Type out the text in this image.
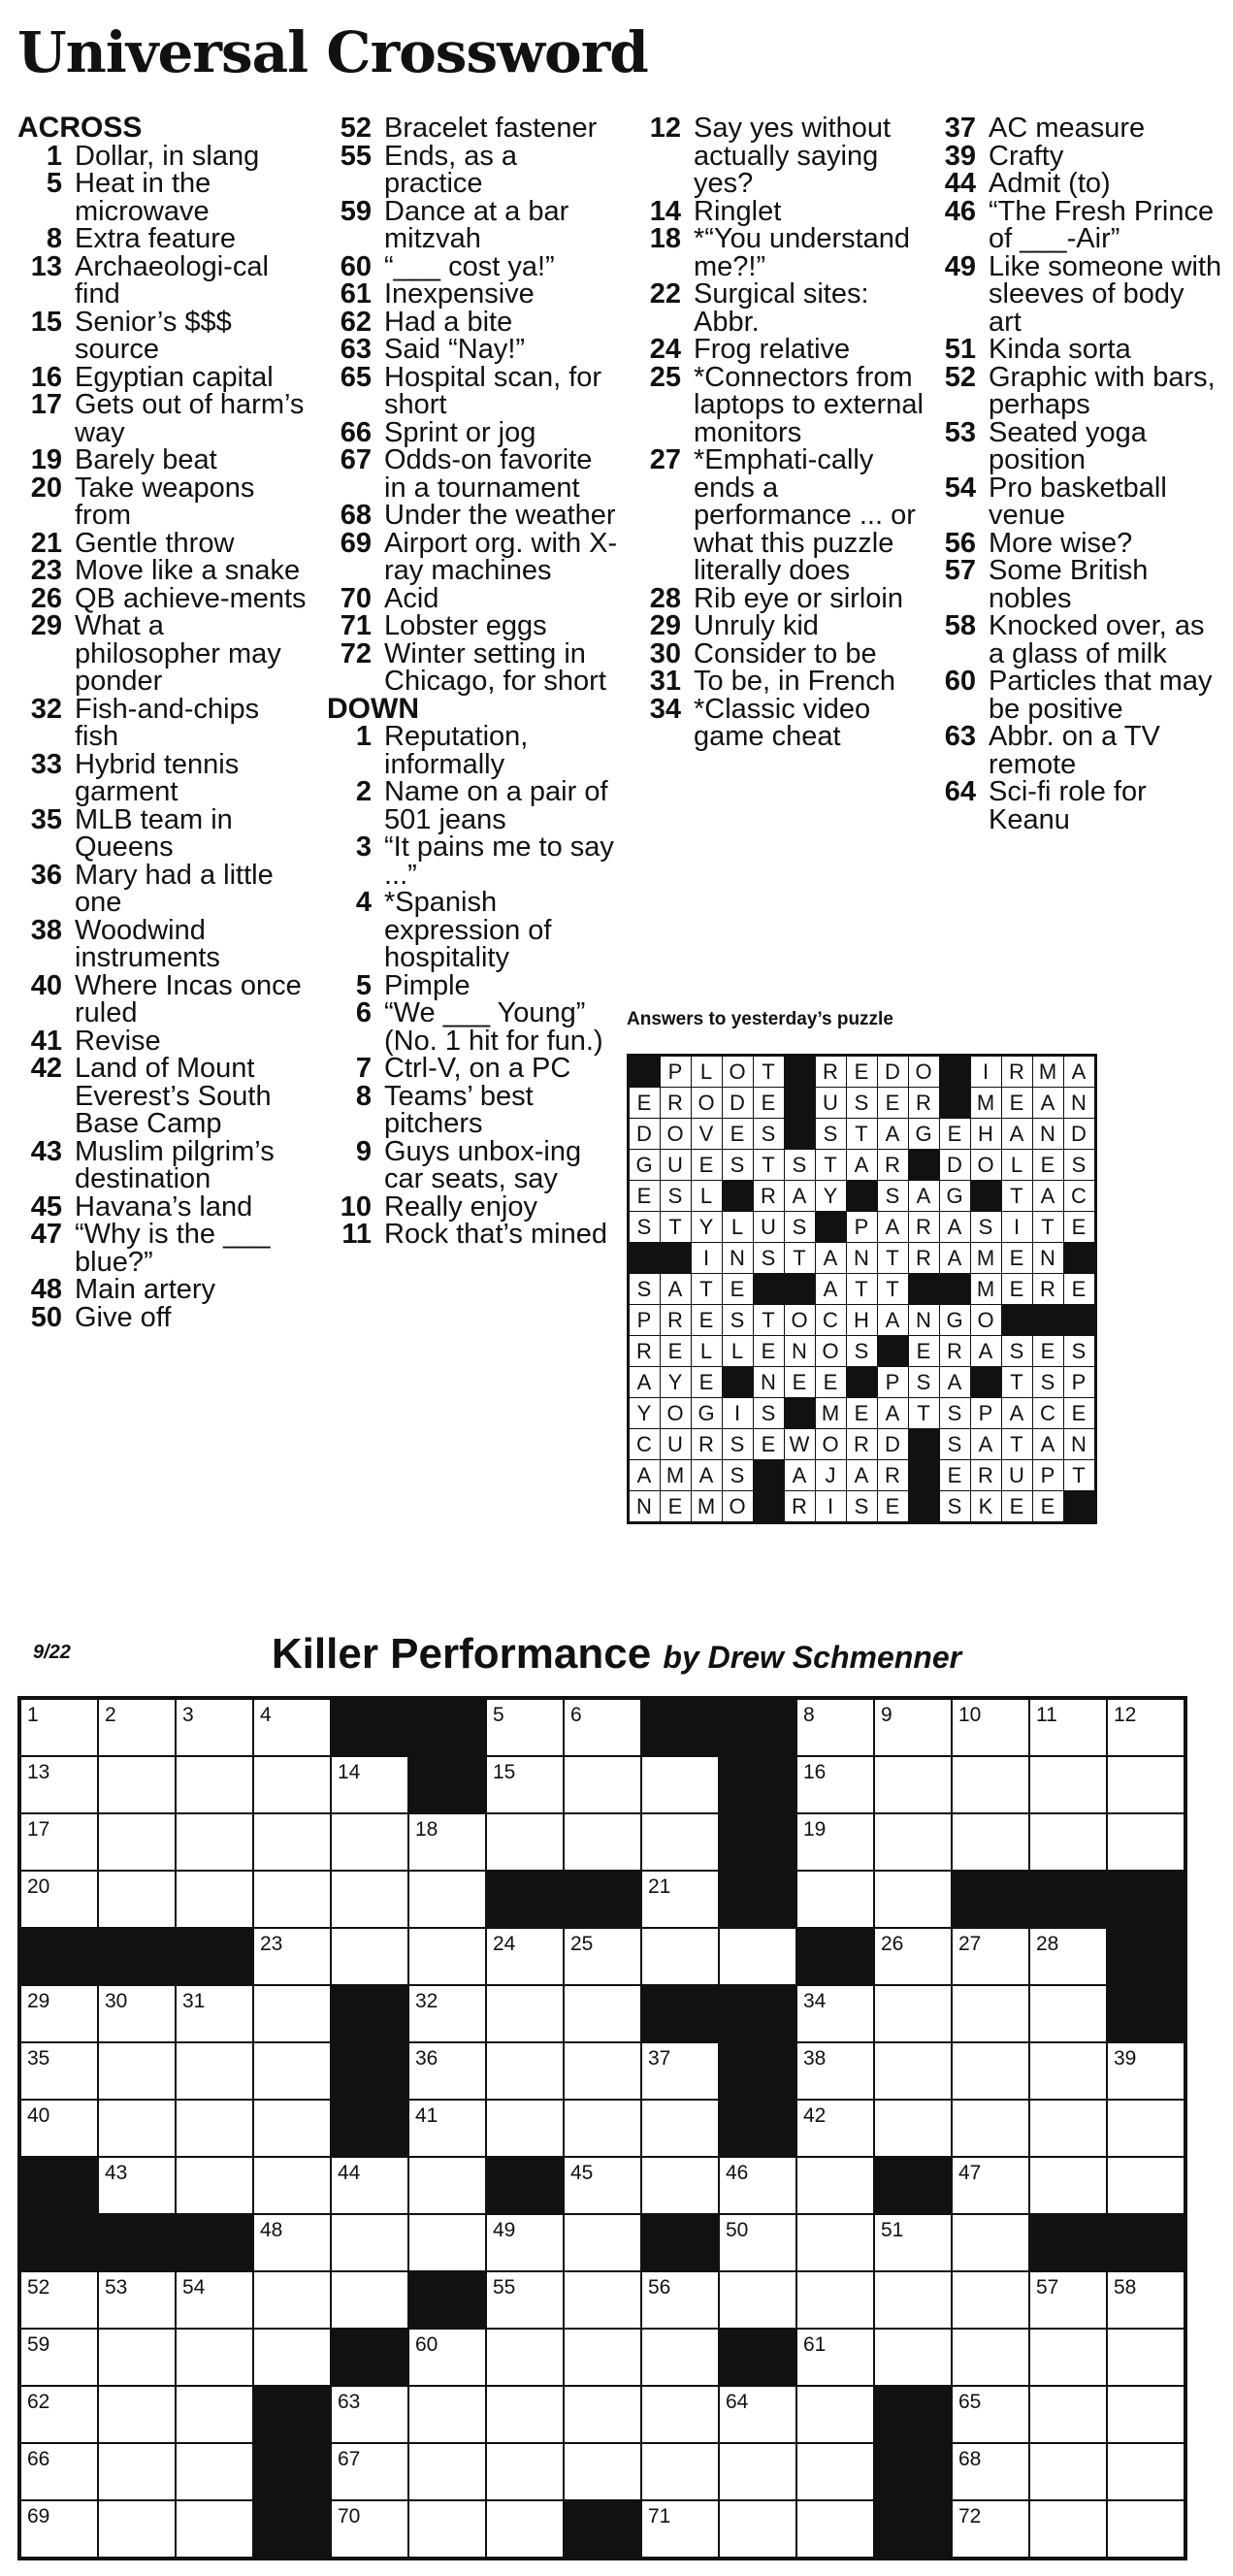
Universal Crossword
ACROSS
1 Dollar, in slang
5 Heat in the microwave
8 Extra feature
13 Archaeologi-cal find
15 Senior’s $$$ source
16 Egyptian capital
17 Gets out of harm’s way
19 Barely beat
20 Take weapons from
21 Gentle throw
23 Move like a snake
26 QB achieve-ments
29 What a philosopher may ponder
32 Fish-and-chips fish
33 Hybrid tennis garment
35 MLB team in Queens
36 Mary had a little one
38 Woodwind instruments
40 Where Incas once ruled
41 Revise
42 Land of Mount Everest’s South Base Camp
43 Muslim pilgrim’s destination
45 Havana’s land
47 “Why is the ___ blue?”
48 Main artery
50 Give off
52 Bracelet fastener
55 Ends, as a practice
59 Dance at a bar mitzvah
60 “___ cost ya!”
61 Inexpensive
62 Had a bite
63 Said “Nay!”
65 Hospital scan, for short
66 Sprint or jog
67 Odds-on favorite in a tournament
68 Under the weather
69 Airport org. with X-ray machines
70 Acid
71 Lobster eggs
72 Winter setting in Chicago, for short
DOWN
1 Reputation, informally
2 Name on a pair of 501 jeans
3 “It pains me to say ...”
4 *Spanish expression of hospitality
5 Pimple
6 “We ___ Young” (No. 1 hit for fun.)
7 Ctrl-V, on a PC
8 Teams’ best pitchers
9 Guys unbox-ing car seats, say
10 Really enjoy
11 Rock that’s mined
12 Say yes without actually saying yes?
14 Ringlet
18 *“You understand me?!”
22 Surgical sites: Abbr.
24 Frog relative
25 *Connectors from laptops to external monitors
27 *Emphati-cally ends a performance ... or what this puzzle literally does
28 Rib eye or sirloin
29 Unruly kid
30 Consider to be
31 To be, in French
34 *Classic video game cheat
37 AC measure
39 Crafty
44 Admit (to)
46 “The Fresh Prince of ___-Air”
49 Like someone with sleeves of body art
51 Kinda sorta
52 Graphic with bars, perhaps
53 Seated yoga position
54 Pro basketball venue
56 More wise?
57 Some British nobles
58 Knocked over, as a glass of milk
60 Particles that may be positive
63 Abbr. on a TV remote
64 Sci-fi role for Keanu
Answers to yesterday’s puzzle
	P	L	O	T		R	E	D	O		I	R	M	A
E	R	O	D	E		U	S	E	R		M	E	A	N
D	O	V	E	S		S	T	A	G	E	H	A	N	D
G	U	E	S	T	S	T	A	R		D	O	L	E	S
E	S	L		R	A	Y		S	A	G		T	A	C
S	T	Y	L	U	S		P	A	R	A	S	I	T	E
		I	N	S	T	A	N	T	R	A	M	E	N	
S	A	T	E			A	T	T			M	E	R	E
P	R	E	S	T	O	C	H	A	N	G	O			
R	E	L	L	E	N	O	S		E	R	A	S	E	S
A	Y	E		N	E	E		P	S	A		T	S	P
Y	O	G	I	S		M	E	A	T	S	P	A	C	E
C	U	R	S	E	W	O	R	D		S	A	T	A	N
A	M	A	S		A	J	A	R		E	R	U	P	T
N	E	M	O		R	I	S	E		S	K	E	E	
9/22	Killer Performance by Drew Schmenner
1	2	3	4			5	6			8	9	10	11	12

13				14		15				16				

17					18					19				

20								21						

			23			24	25				26	27	28	

29	30	31			32					34				

35					36			37		38				39

40					41					42				

	43			44			45		46			47		

			48			49			50		51			

52	53	54				55		56					57	58

59					60					61				

62				63					64			65		

66				67								68		

69				70				71				72		
